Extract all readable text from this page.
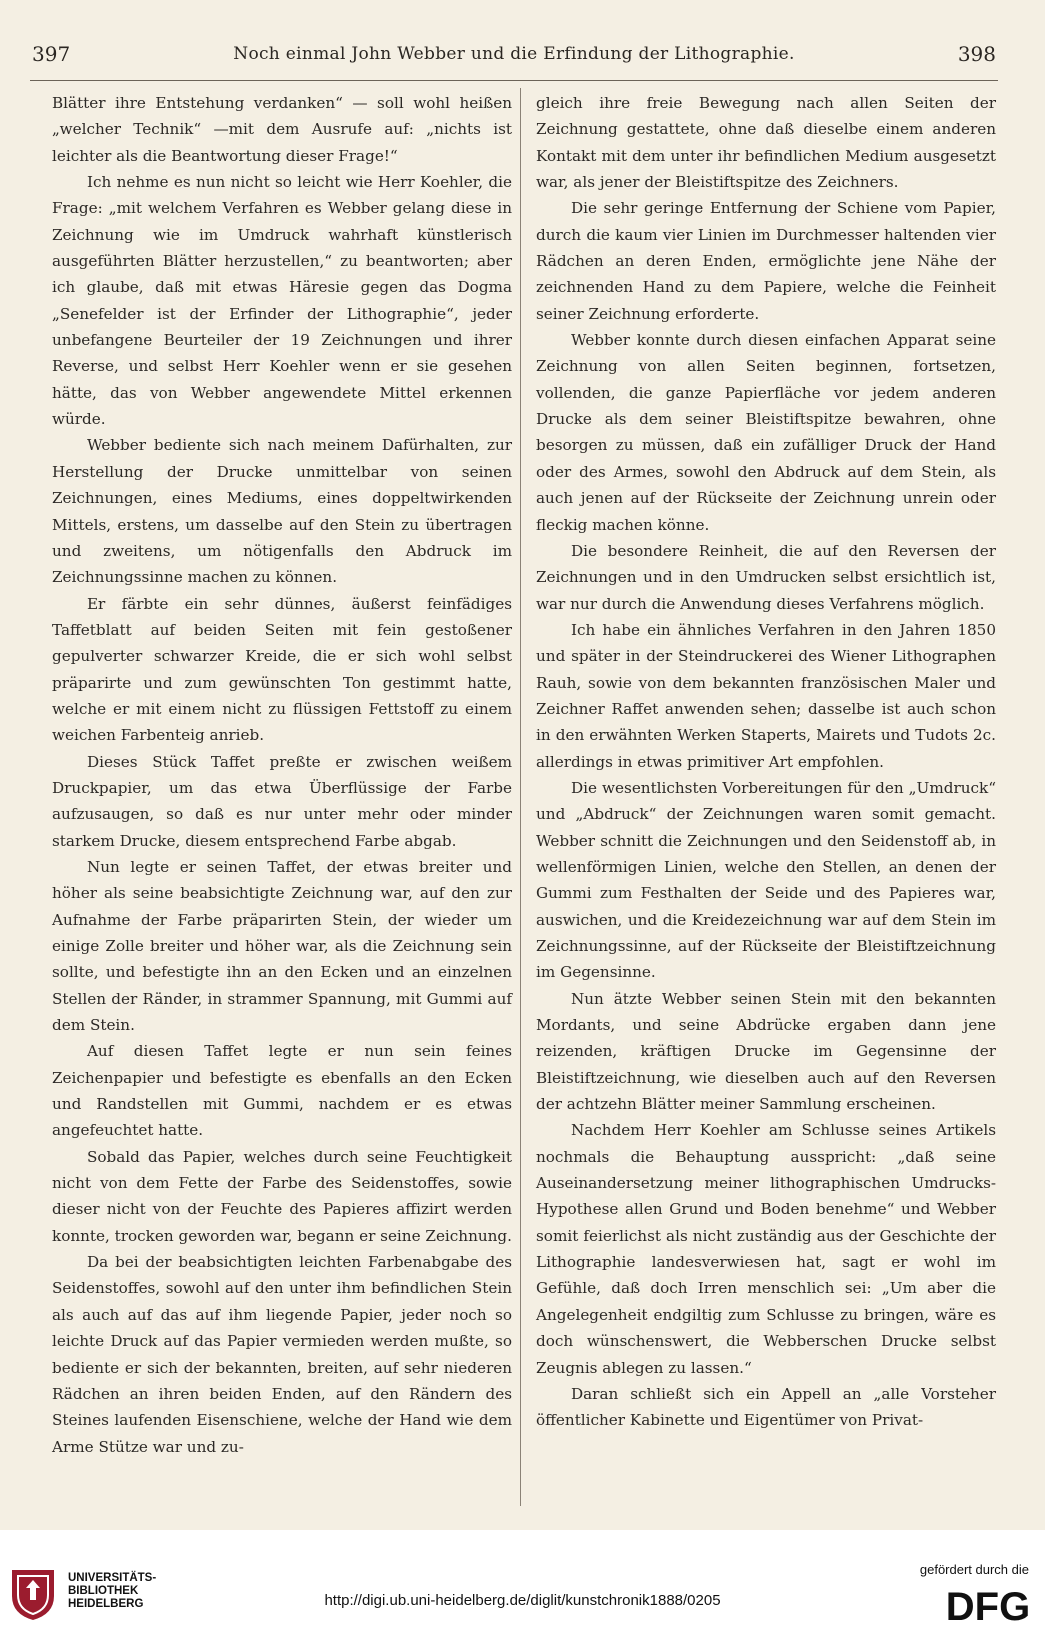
397	Noch einmal John Webber und die Erfindung der Lithographie.	398

Blätter ihre Entstehung verdanken“ — soll wohl heißen „welcher Technik“ —mit dem Ausrufe auf: „nichts ist leichter als die Beantwortung dieser Frage!“

Ich nehme es nun nicht so leicht wie Herr Koehler, die Frage: „mit welchem Verfahren es Webber gelang diese in Zeichnung wie im Umdruck wahrhaft künstlerisch ausgeführten Blätter herzustellen,“ zu beantworten; aber ich glaube, daß mit etwas Häresie gegen das Dogma „Senefelder ist der Erfinder der Lithographie“, jeder unbefangene Beurteiler der 19 Zeichnungen und ihrer Reverse, und selbst Herr Koehler wenn er sie gesehen hätte, das von Webber angewendete Mittel erkennen würde.

Webber bediente sich nach meinem Dafürhalten, zur Herstellung der Drucke unmittelbar von seinen Zeichnungen, eines Mediums, eines doppeltwirkenden Mittels, erstens, um dasselbe auf den Stein zu übertragen und zweitens, um nötigenfalls den Abdruck im Zeichnungssinne machen zu können.

Er färbte ein sehr dünnes, äußerst feinfädiges Taffetblatt auf beiden Seiten mit fein gestoßener gepulverter schwarzer Kreide, die er sich wohl selbst präparirte und zum gewünschten Ton gestimmt hatte, welche er mit einem nicht zu flüssigen Fettstoff zu einem weichen Farbenteig anrieb.

Dieses Stück Taffet preßte er zwischen weißem Druckpapier, um das etwa Überflüssige der Farbe aufzusaugen, so daß es nur unter mehr oder minder starkem Drucke, diesem entsprechend Farbe abgab.

Nun legte er seinen Taffet, der etwas breiter und höher als seine beabsichtigte Zeichnung war, auf den zur Aufnahme der Farbe präparirten Stein, der wieder um einige Zolle breiter und höher war, als die Zeichnung sein sollte, und befestigte ihn an den Ecken und an einzelnen Stellen der Ränder, in strammer Spannung, mit Gummi auf dem Stein.

Auf diesen Taffet legte er nun sein feines Zeichenpapier und befestigte es ebenfalls an den Ecken und Randstellen mit Gummi, nachdem er es etwas angefeuchtet hatte.

Sobald das Papier, welches durch seine Feuchtigkeit nicht von dem Fette der Farbe des Seidenstoffes, sowie dieser nicht von der Feuchte des Papieres affizirt werden konnte, trocken geworden war, begann er seine Zeichnung.

Da bei der beabsichtigten leichten Farbenabgabe des Seidenstoffes, sowohl auf den unter ihm befindlichen Stein als auch auf das auf ihm liegende Papier, jeder noch so leichte Druck auf das Papier vermieden werden mußte, so bediente er sich der bekannten, breiten, auf sehr niederen Rädchen an ihren beiden Enden, auf den Rändern des Steines laufenden Eisenschiene, welche der Hand wie dem Arme Stütze war und zu-

gleich ihre freie Bewegung nach allen Seiten der Zeichnung gestattete, ohne daß dieselbe einem anderen Kontakt mit dem unter ihr befindlichen Medium ausgesetzt war, als jener der Bleistiftspitze des Zeichners.

Die sehr geringe Entfernung der Schiene vom Papier, durch die kaum vier Linien im Durchmesser haltenden vier Rädchen an deren Enden, ermöglichte jene Nähe der zeichnenden Hand zu dem Papiere, welche die Feinheit seiner Zeichnung erforderte.

Webber konnte durch diesen einfachen Apparat seine Zeichnung von allen Seiten beginnen, fortsetzen, vollenden, die ganze Papierfläche vor jedem anderen Drucke als dem seiner Bleistiftspitze bewahren, ohne besorgen zu müssen, daß ein zufälliger Druck der Hand oder des Armes, sowohl den Abdruck auf dem Stein, als auch jenen auf der Rückseite der Zeichnung unrein oder fleckig machen könne.

Die besondere Reinheit, die auf den Reversen der Zeichnungen und in den Umdrucken selbst ersichtlich ist, war nur durch die Anwendung dieses Verfahrens möglich.

Ich habe ein ähnliches Verfahren in den Jahren 1850 und später in der Steindruckerei des Wiener Lithographen Rauh, sowie von dem bekannten französischen Maler und Zeichner Raffet anwenden sehen; dasselbe ist auch schon in den erwähnten Werken Staperts, Mairets und Tudots 2c. allerdings in etwas primitiver Art empfohlen.

Die wesentlichsten Vorbereitungen für den „Umdruck“ und „Abdruck“ der Zeichnungen waren somit gemacht. Webber schnitt die Zeichnungen und den Seidenstoff ab, in wellenförmigen Linien, welche den Stellen, an denen der Gummi zum Festhalten der Seide und des Papieres war, auswichen, und die Kreidezeichnung war auf dem Stein im Zeichnungssinne, auf der Rückseite der Bleistiftzeichnung im Gegensinne.

Nun ätzte Webber seinen Stein mit den bekannten Mordants, und seine Abdrücke ergaben dann jene reizenden, kräftigen Drucke im Gegensinne der Bleistiftzeichnung, wie dieselben auch auf den Reversen der achtzehn Blätter meiner Sammlung erscheinen.

Nachdem Herr Koehler am Schlusse seines Artikels nochmals die Behauptung ausspricht: „daß seine Auseinandersetzung meiner lithographischen Umdrucks-Hypothese allen Grund und Boden benehme“ und Webber somit feierlichst als nicht zuständig aus der Geschichte der Lithographie landesverwiesen hat, sagt er wohl im Gefühle, daß doch Irren menschlich sei: „Um aber die Angelegenheit endgiltig zum Schlusse zu bringen, wäre es doch wünschenswert, die Webberschen Drucke selbst Zeugnis ablegen zu lassen.“

Daran schließt sich ein Appell an „alle Vorsteher öffentlicher Kabinette und Eigentümer von Privat-

UNIVERSITÄTS-
BIBLIOTHEK
HEIDELBERG	http://digi.ub.uni-heidelberg.de/diglit/kunstchronik1888/0205
gefördert durch die
DFG
